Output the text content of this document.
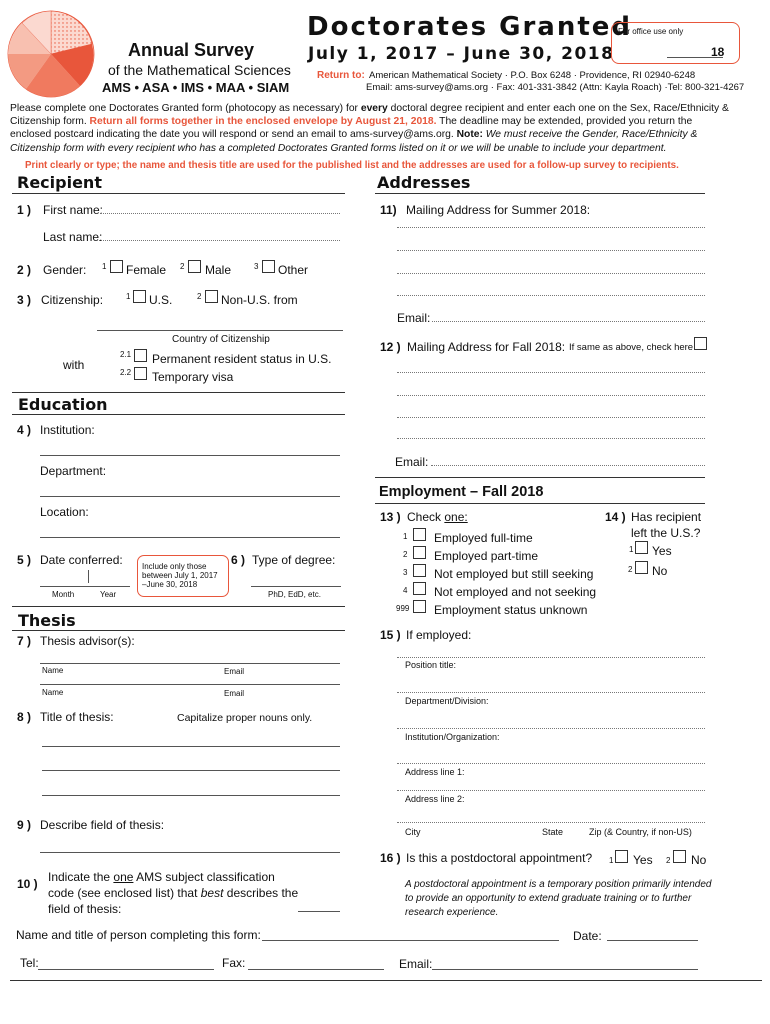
Annual Survey
of the Mathematical Sciences
AMS • ASA • IMS • MAA • SIAM
Doctorates Granted
July 1, 2017 – June 30, 2018
Return to: American Mathematical Society · P.O. Box 6248 · Providence, RI 02940-6248
Email: ams-survey@ams.org · Fax: 401-331-3842 (Attn: Kayla Roach) ·Tel: 800-321-4267
For office use only
18
Please complete one Doctorates Granted form (photocopy as necessary) for every doctoral degree recipient and enter each one on the Sex, Race/Ethnicity &
Citizenship form. Return all forms together in the enclosed envelope by August 21, 2018. The deadline may be extended, provided you return the
enclosed postcard indicating the date you will respond or send an email to ams-survey@ams.org. Note: We must receive the Gender, Race/Ethnicity &
Citizenship form with every recipient who has a completed Doctorates Granted forms listed on it or we will be unable to include your department.
Print clearly or type; the name and thesis title are used for the published list and the addresses are used for a follow-up survey to recipients.
Recipient
1 ) First name:
Last name:
2 ) Gender: 1 Female 2 Male	3 Other
3 ) Citizenship:	1 U.S.	2 Non-U.S. from
Country of Citizenship
with
2.1 Permanent resident status in U.S.
2.2 Temporary visa
Education
4 ) Institution:
Department:
Location:
5 ) Date conferred:
Month	Year
Include only those
between July 1, 2017
–June 30, 2018
6 ) Type of degree:
PhD, EdD, etc.
Thesis
7 ) Thesis advisor(s):
Name	Email
Name	Email
8 ) Title of thesis:	Capitalize proper nouns only.
9 ) Describe field of thesis:
10 ) Indicate the one AMS subject classification
code (see enclosed list) that best describes the
field of thesis:
Addresses
11) Mailing Address for Summer 2018:
Email:
12 ) Mailing Address for Fall 2018: If same as above, check here
Email:
Employment – Fall 2018
13 ) Check one:
1 Employed full-time
2 Employed part-time
3 Not employed but still seeking
4 Not employed and not seeking
999 Employment status unknown
14 ) Has recipient
left the U.S.?
1 Yes
2 No
15 ) If employed:
Position title:
Department/Division:
Institution/Organization:
Address line 1:
Address line 2:
City	State	Zip (& Country, if non-US)
16 ) Is this a postdoctoral appointment? 1 Yes 2 No
A postdoctoral appointment is a temporary position primarily intended
to provide an opportunity to extend graduate training or to further
research experience.
Name and title of person completing this form:	Date:
Tel:	Fax:	Email:
